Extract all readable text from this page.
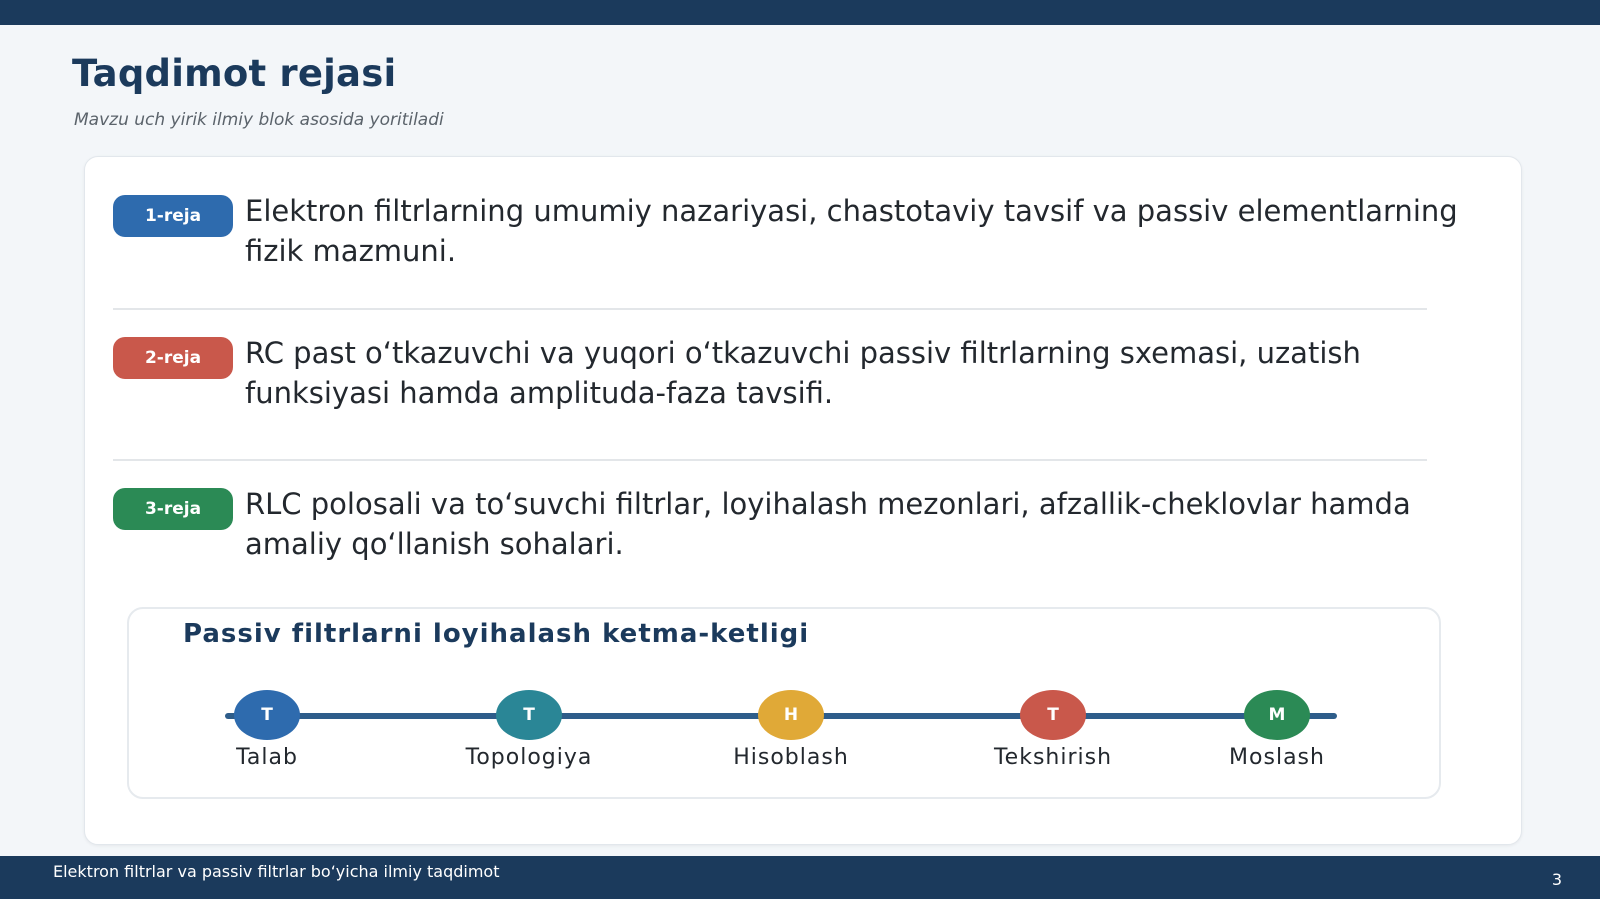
Taqdimot rejasi
Mavzu uch yirik ilmiy blok asosida yoritiladi
1-reja	Elektron filtrlarning umumiy nazariyasi, chastotaviy tavsif va passiv elementlarning fizik mazmuni.

2-reja	RC past o‘tkazuvchi va yuqori o‘tkazuvchi passiv filtrlarning sxemasi, uzatish funksiyasi hamda amplituda-faza tavsifi.

3-reja	RLC polosali va to‘suvchi filtrlar, loyihalash mezonlari, afzallik-cheklovlar hamda amaliy qo‘llanish sohalari.

Passiv filtrlarni loyihalash ketma-ketligi
T
Talab
T
Topologiya
H
Hisoblash
T
Tekshirish
M
Moslash
Elektron filtrlar va passiv filtrlar bo‘yicha ilmiy taqdimot	3
